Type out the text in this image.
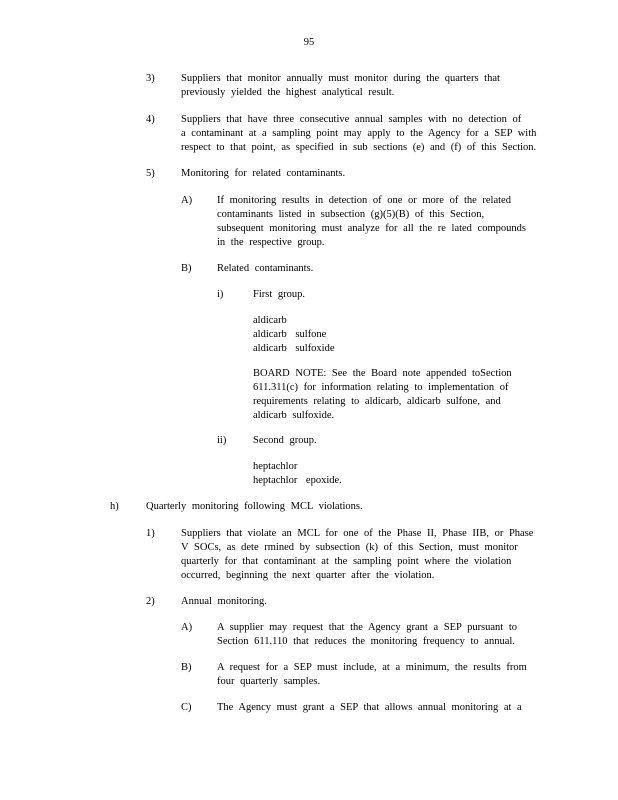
95
3)	Suppliers that monitor annually must monitor during the quarters that

previously yielded the highest analytical result.

4)	Suppliers that have three consecutive annual samples with no detection of

a contaminant at a sampling point may apply to the Agency for a SEP with

respect to that point, as specified in sub sections (e) and (f) of this Section.

5)	Monitoring for related contaminants.

A) If monitoring results in detection of one or more of the related

contaminants listed in subsection (g)(5)(B) of this Section,

subsequent monitoring must analyze for all the re lated compounds

in the respective group.

B) Related contaminants.

i)	First group.

aldicarb

aldicarb sulfone

aldicarb sulfoxide

BOARD NOTE: See the Board note appended toSection

611.311(c) for information relating to implementation of

requirements relating to aldicarb, aldicarb sulfone, and

aldicarb sulfoxide.

ii)	Second group.

heptachlor

heptachlor epoxide.

h)	Quarterly monitoring following MCL violations.

1)	Suppliers that violate an MCL for one of the Phase II, Phase IIB, or Phase

V SOCs, as dete rmined by subsection (k) of this Section, must monitor

quarterly for that contaminant at the sampling point where the violation

occurred, beginning the next quarter after the violation.

2)	Annual monitoring.

A) A supplier may request that the Agency grant a SEP pursuant to

Section 611.110 that reduces the monitoring frequency to annual.

B) A request for a SEP must include, at a minimum, the results from

four quarterly samples.

C) The Agency must grant a SEP that allows annual monitoring at a
